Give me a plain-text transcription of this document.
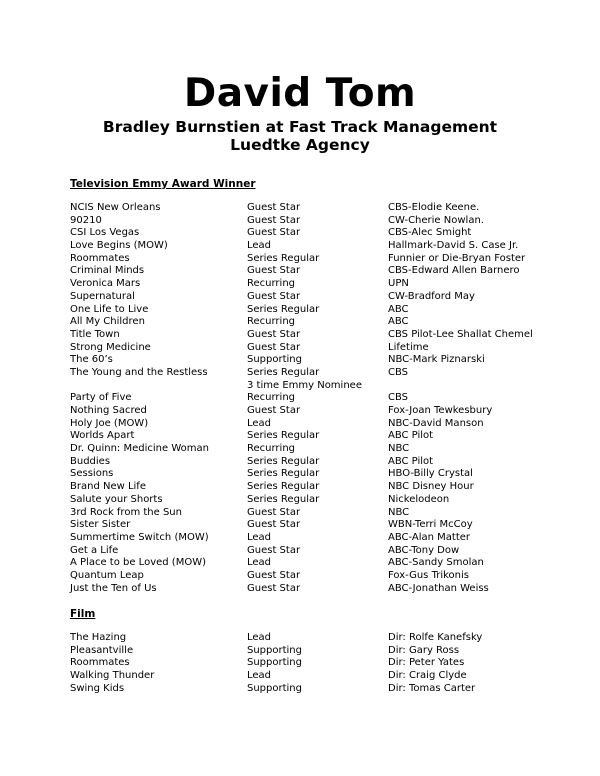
David Tom
Bradley Burnstien at Fast Track Management
Luedtke Agency
Television Emmy Award Winner
NCIS New Orleans	Guest Star	CBS-Elodie Keene.
90210	Guest Star	CW-Cherie Nowlan.
CSI Los Vegas	Guest Star	CBS-Alec Smight
Love Begins (MOW)	Lead	Hallmark-David S. Case Jr.
Roommates	Series Regular	Funnier or Die-Bryan Foster
Criminal Minds	Guest Star	CBS-Edward Allen Barnero
Veronica Mars	Recurring	UPN
Supernatural	Guest Star	CW-Bradford May
One Life to Live	Series Regular	ABC
All My Children	Recurring	ABC
Title Town	Guest Star	CBS Pilot-Lee Shallat Chemel
Strong Medicine	Guest Star	Lifetime
The 60’s	Supporting	NBC-Mark Piznarski
The Young and the Restless	Series Regular	CBS
3 time Emmy Nominee
Party of Five	Recurring	CBS
Nothing Sacred	Guest Star	Fox-Joan Tewkesbury
Holy Joe (MOW)	Lead	NBC-David Manson
Worlds Apart	Series Regular	ABC Pilot
Dr. Quinn: Medicine Woman	Recurring	NBC
Buddies	Series Regular	ABC Pilot
Sessions	Series Regular	HBO-Billy Crystal
Brand New Life	Series Regular	NBC Disney Hour
Salute your Shorts	Series Regular	Nickelodeon
3rd Rock from the Sun	Guest Star	NBC
Sister Sister	Guest Star	WBN-Terri McCoy
Summertime Switch (MOW)	Lead	ABC-Alan Matter
Get a Life	Guest Star	ABC-Tony Dow
A Place to be Loved (MOW)	Lead	ABC-Sandy Smolan
Quantum Leap	Guest Star	Fox-Gus Trikonis
Just the Ten of Us	Guest Star	ABC-Jonathan Weiss
Film
The Hazing	Lead	Dir: Rolfe Kanefsky
Pleasantville	Supporting	Dir: Gary Ross
Roommates	Supporting	Dir: Peter Yates
Walking Thunder	Lead	Dir: Craig Clyde
Swing Kids	Supporting	Dir: Tomas Carter
